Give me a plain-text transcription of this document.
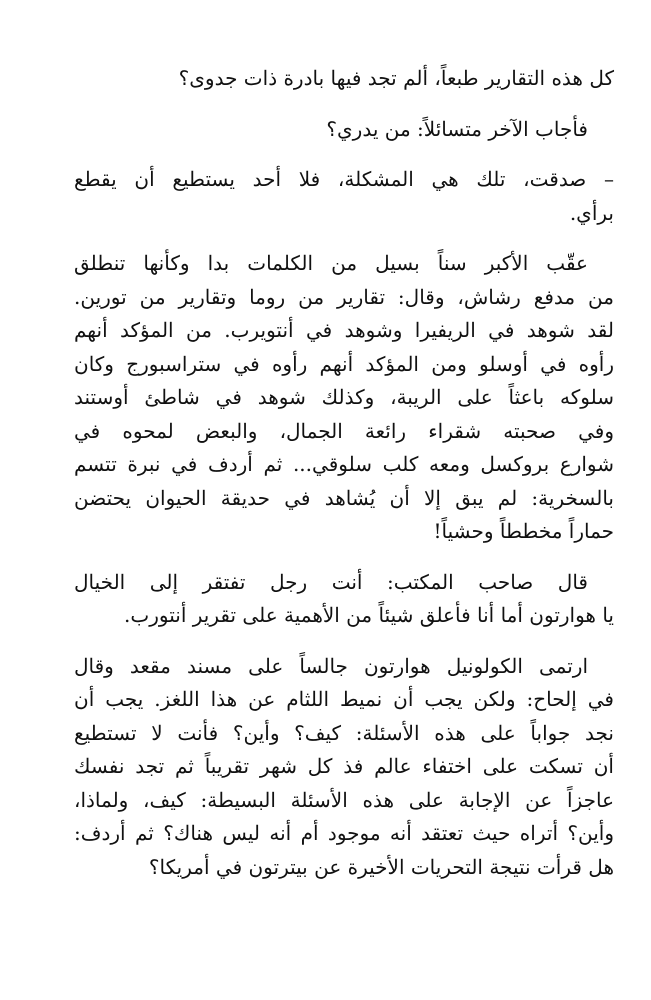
كل هذه التقارير طبعاً، ألم تجد فيها بادرة ذات جدوى؟

فأجاب الآخر متسائلاً: من يدري؟

– صدقت، تلك هي المشكلة، فلا أحد يستطيع أن يقطع
برأي.

عقّب الأكبر سناً بسيل من الكلمات بدا وكأنها تنطلق
من مدفع رشاش، وقال: تقارير من روما وتقارير من تورين.
لقد شوهد في الريفيرا وشوهد في أنتويرب. من المؤكد أنهم
رأوه في أوسلو ومن المؤكد أنهم رأوه في ستراسبورج وكان
سلوكه باعثاً على الريبة، وكذلك شوهد في شاطئ أوستند
وفي صحبته شقراء رائعة الجمال، والبعض لمحوه في
شوارع بروكسل ومعه كلب سلوقي... ثم أردف في نبرة تتسم
بالسخرية: لم يبق إلا أن يُشاهد في حديقة الحيوان يحتضن
حماراً مخططاً وحشياً!

قال صاحب المكتب: أنت رجل تفتقر إلى الخيال
يا هوارتون أما أنا فأعلق شيئاً من الأهمية على تقرير أنتورب.

ارتمى الكولونيل هوارتون جالساً على مسند مقعد وقال
في إلحاح: ولكن يجب أن نميط اللثام عن هذا اللغز. يجب أن
نجد جواباً على هذه الأسئلة: كيف؟ وأين؟ فأنت لا تستطيع
أن تسكت على اختفاء عالم فذ كل شهر تقريباً ثم تجد نفسك
عاجزاً عن الإجابة على هذه الأسئلة البسيطة: كيف، ولماذا،
وأين؟ أتراه حيث تعتقد أنه موجود أم أنه ليس هناك؟ ثم أردف:
هل قرأت نتيجة التحريات الأخيرة عن بيترتون في أمريكا؟
